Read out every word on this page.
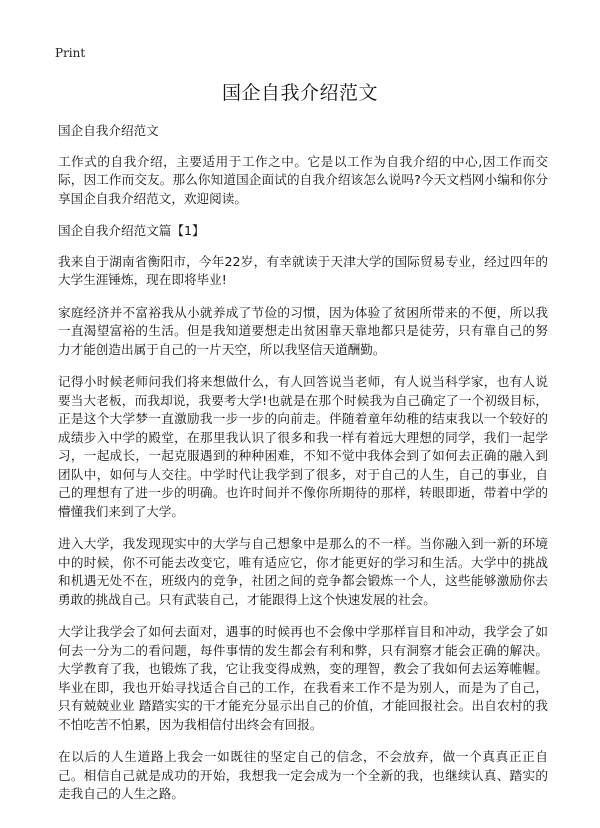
Print
国企自我介绍范文

国企自我介绍范文

工作式的自我介绍，主要适用于工作之中。它是以工作为自我介绍的中心,因工作而交际，因工作而交友。那么你知道国企面试的自我介绍该怎么说吗?今天文档网小编和你分享国企自我介绍范文，欢迎阅读。

国企自我介绍范文篇【1】

我来自于湖南省衡阳市，今年22岁，有幸就读于天津大学的国际贸易专业，经过四年的大学生涯锤炼，现在即将毕业!

家庭经济并不富裕我从小就养成了节俭的习惯，因为体验了贫困所带来的不便，所以我一直渴望富裕的生活。但是我知道要想走出贫困靠天靠地都只是徒劳，只有靠自己的努力才能创造出属于自己的一片天空，所以我坚信天道酬勤。

记得小时候老师问我们将来想做什么，有人回答说当老师，有人说当科学家，也有人说要当大老板，而我却说，我要考大学!也就是在那个时候我为自己确定了一个初级目标，正是这个大学梦一直激励我一步一步的向前走。伴随着童年幼稚的结束我以一个较好的成绩步入中学的殿堂，在那里我认识了很多和我一样有着远大理想的同学，我们一起学习，一起成长，一起克服遇到的种种困难，不知不觉中我体会到了如何去正确的融入到团队中，如何与人交往。中学时代让我学到了很多，对于自己的人生，自己的事业，自己的理想有了进一步的明确。也许时间并不像你所期待的那样，转眼即逝，带着中学的懵懂我们来到了大学。

进入大学，我发现现实中的大学与自己想象中是那么的不一样。当你融入到一新的环境中的时候，你不可能去改变它，唯有适应它，你才能更好的学习和生活。大学中的挑战和机遇无处不在，班级内的竞争，社团之间的竞争都会锻炼一个人，这些能够激励你去勇敢的挑战自己。只有武装自己，才能跟得上这个快速发展的社会。

大学让我学会了如何去面对，遇事的时候再也不会像中学那样盲目和冲动，我学会了如何去一分为二的看问题，每件事情的发生都会有利和弊，只有洞察才能会正确的解决。大学教育了我，也锻炼了我，它让我变得成熟，变的理智，教会了我如何去运筹帷幄。毕业在即，我也开始寻找适合自己的工作，在我看来工作不是为别人，而是为了自己，只有兢兢业业 踏踏实实的干才能充分显示出自己的价值，才能回报社会。出自农村的我不怕吃苦不怕累，因为我相信付出终会有回报。

在以后的人生道路上我会一如既往的坚定自己的信念，不会放弃，做一个真真正正自己。相信自己就是成功的开始，我想我一定会成为一个全新的我，也继续认真、踏实的走我自己的人生之路。
